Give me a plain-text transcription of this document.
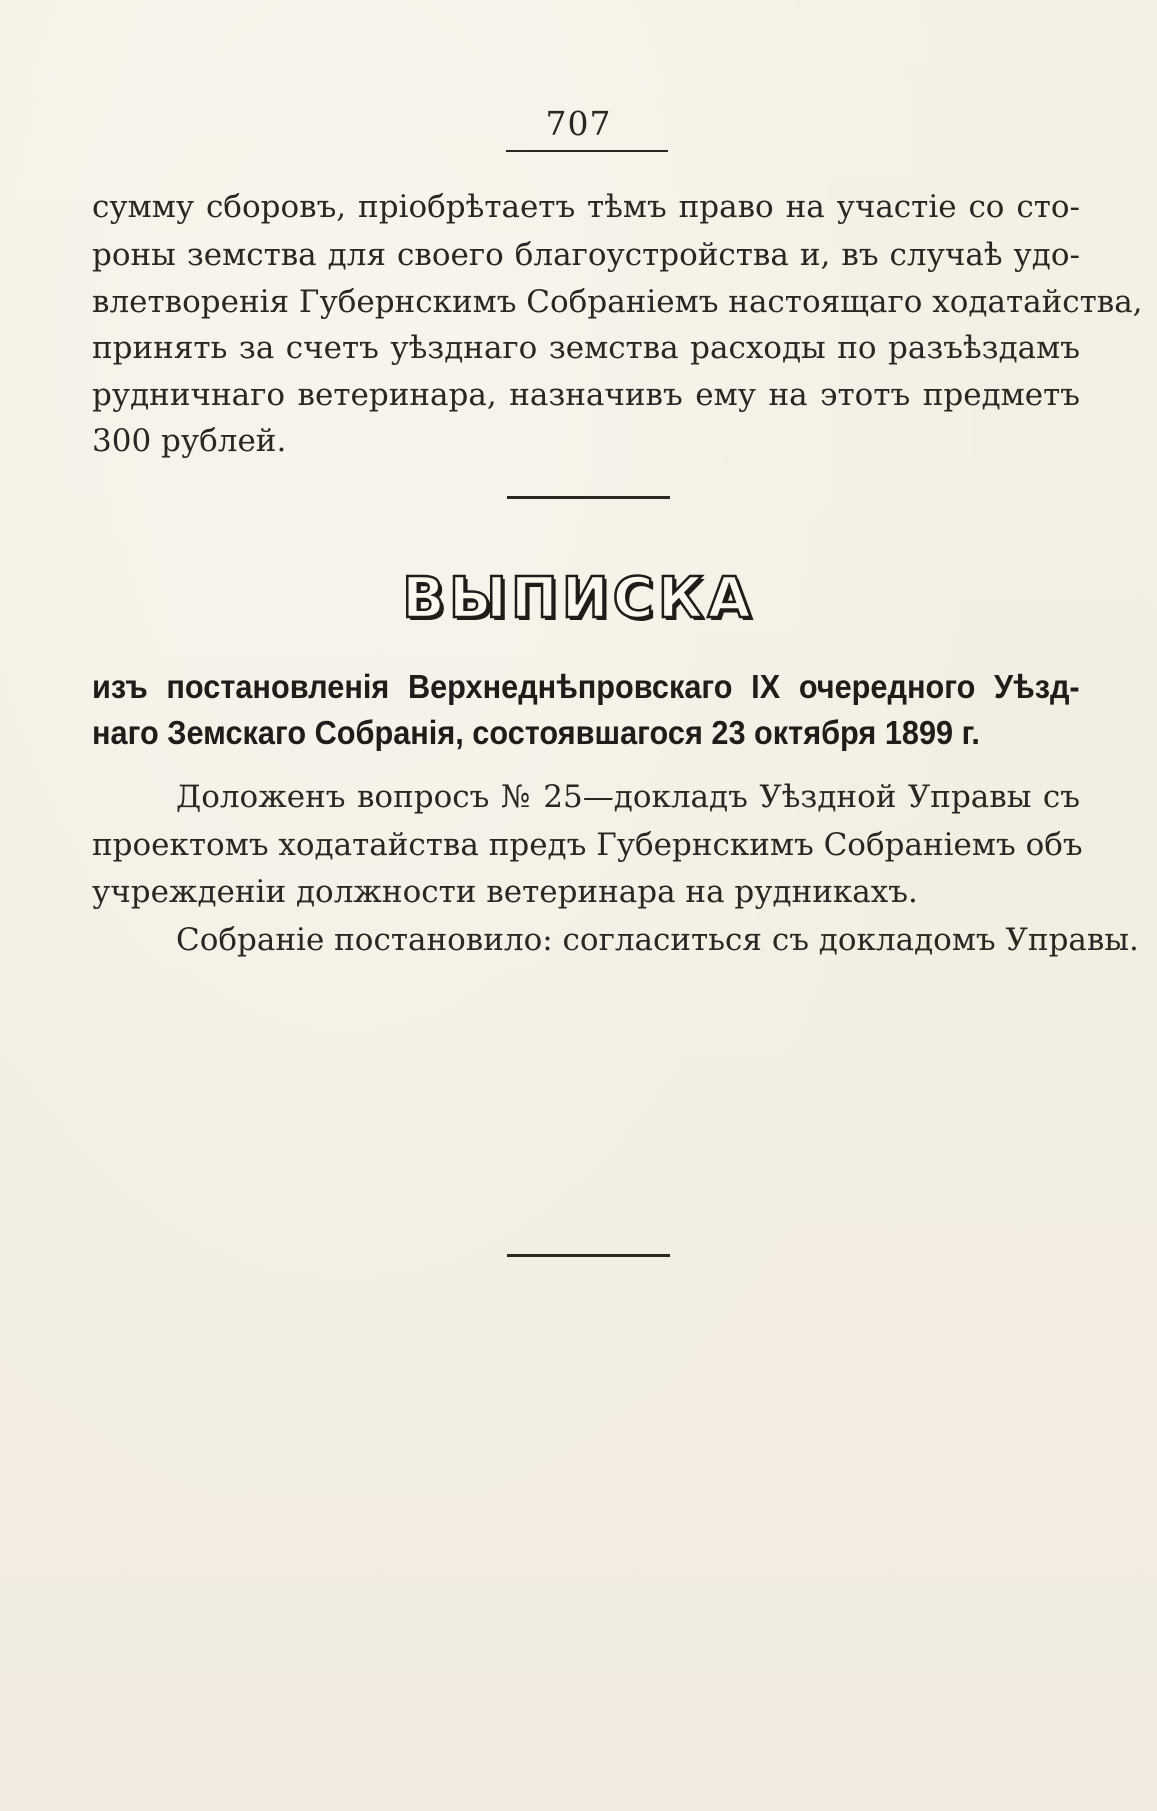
707
сумму сборовъ, пріобрѣтаетъ тѣмъ право на участіе со сто-
роны земства для своего благоустройства и, въ случаѣ удо-
влетворенія Губернскимъ Собраніемъ настоящаго ходатайства,
принять за счетъ уѣзднаго земства расходы по разъѣздамъ
рудничнаго ветеринара, назначивъ ему на этотъ предметъ
300 рублей.
ВЫПИСКА
изъ постановленія Верхнеднѣпровскаго IX очередного Уѣзд-
наго Земскаго Собранія, состоявшагося 23 октября 1899 г.
Доложенъ вопросъ № 25—докладъ Уѣздной Управы съ
проектомъ ходатайства предъ Губернскимъ Собраніемъ объ
учрежденіи должности ветеринара на рудникахъ.
Собраніе постановило: согласиться съ докладомъ Управы.
